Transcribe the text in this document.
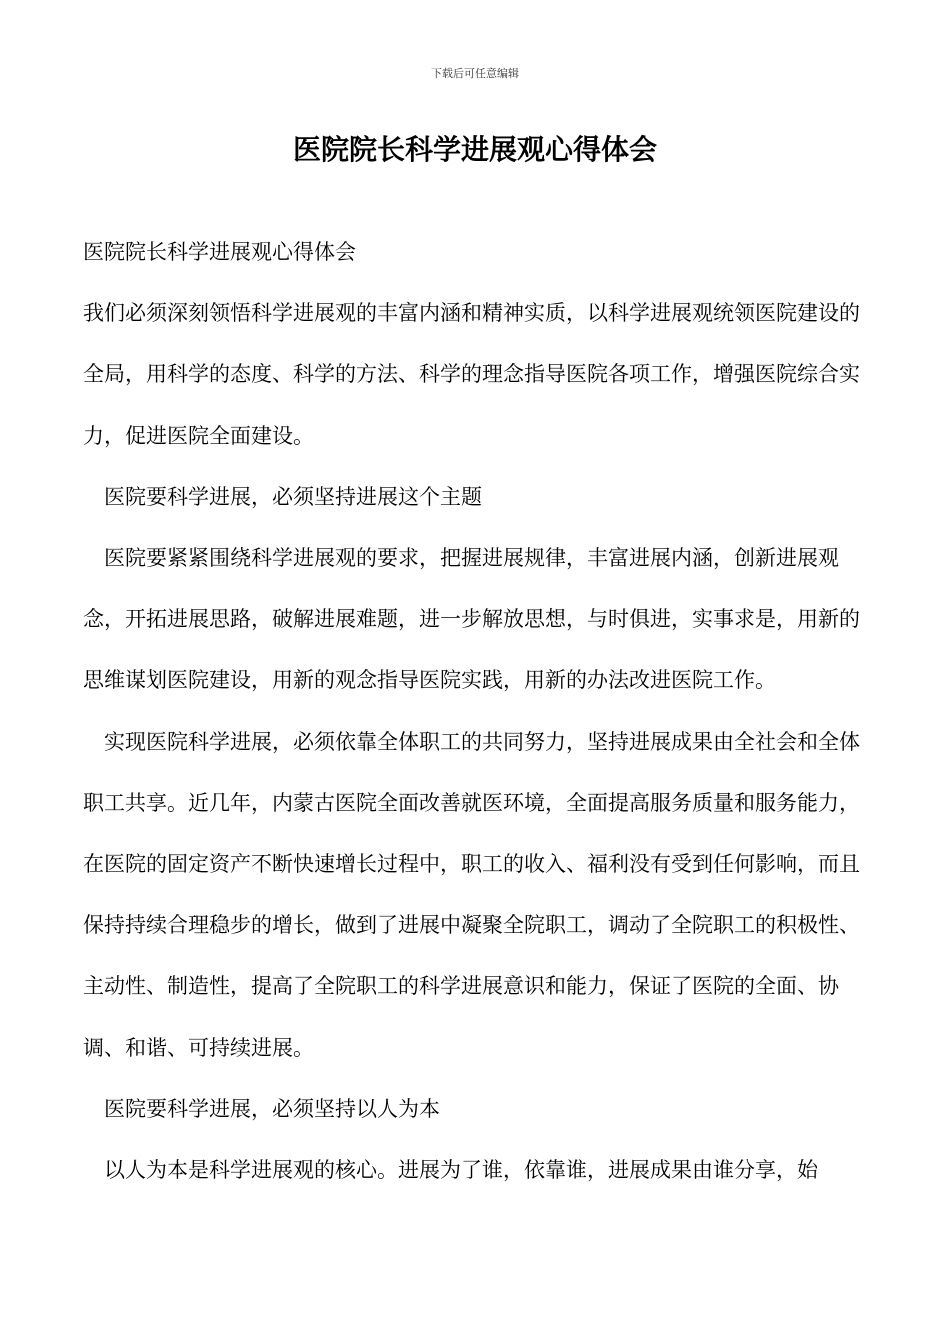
下载后可任意编辑
医院院长科学进展观心得体会

医院院长科学进展观心得体会

我们必须深刻领悟科学进展观的丰富内涵和精神实质，以科学进展观统领医院建设的全局，用科学的态度、科学的方法、科学的理念指导医院各项工作，增强医院综合实力，促进医院全面建设。

医院要科学进展，必须坚持进展这个主题

医院要紧紧围绕科学进展观的要求，把握进展规律，丰富进展内涵，创新进展观念，开拓进展思路，破解进展难题，进一步解放思想，与时俱进，实事求是，用新的思维谋划医院建设，用新的观念指导医院实践，用新的办法改进医院工作。

实现医院科学进展，必须依靠全体职工的共同努力，坚持进展成果由全社会和全体职工共享。近几年，内蒙古医院全面改善就医环境，全面提高服务质量和服务能力，在医院的固定资产不断快速增长过程中，职工的收入、福利没有受到任何影响，而且保持持续合理稳步的增长，做到了进展中凝聚全院职工，调动了全院职工的积极性、主动性、制造性，提高了全院职工的科学进展意识和能力，保证了医院的全面、协调、和谐、可持续进展。

医院要科学进展，必须坚持以人为本

以人为本是科学进展观的核心。进展为了谁，依靠谁，进展成果由谁分享，始
